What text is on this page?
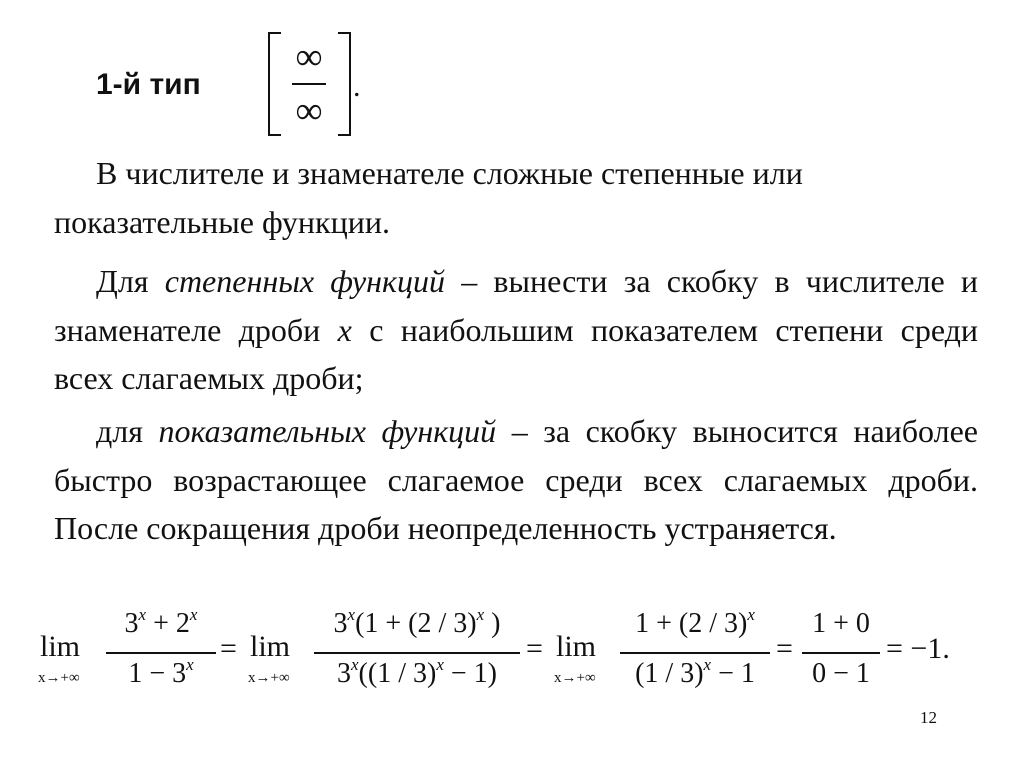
1-й тип
∞
∞
.
В числителе и знаменателе сложные степенные или показательные функции.
Для степенных функций – вынести за скобку в числителе и знаменателе дроби x с наибольшим показателем степени среди всех слагаемых дроби;
для показательных функций – за скобку выносится наиболее быстро возрастающее слагаемое среди всех слагаемых дроби. После сокращения дроби неопределенность устраняется.
lim
x→+∞
$3^x + 2^x$
$1 - 3^x = \lim$
x→+∞
$3^x(1 + (2 / 3)^x$ )
3$^x$((1 / 3)$^x$ − 1)
= lim
x→+∞
1 + (2 / 3)$^x$
(1 / 3)$^x$ − 1
=
1 + 0
0 − 1
= −1.
12
